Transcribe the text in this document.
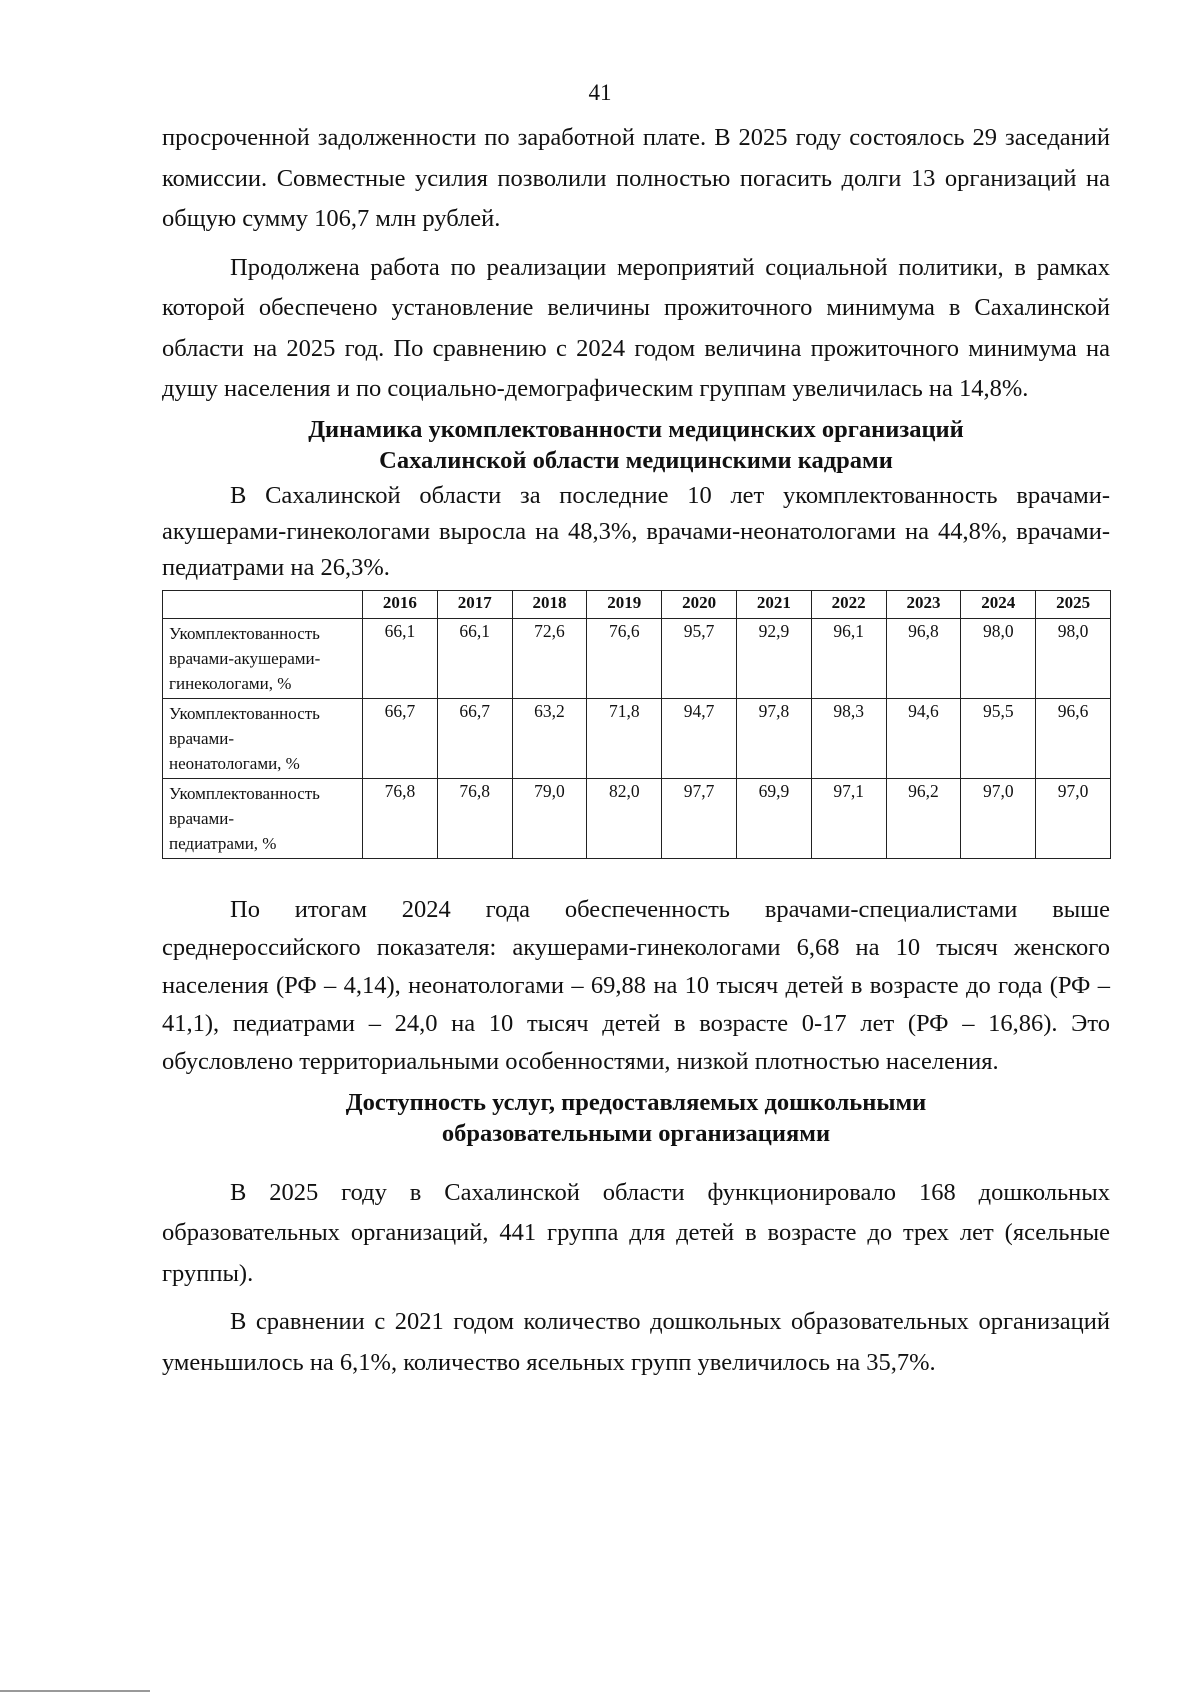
41

просроченной задолженности по заработной плате. В 2025 году состоялось 29 заседаний комиссии. Совместные усилия позволили полностью погасить долги 13 организаций на общую сумму 106,7 млн рублей.

Продолжена работа по реализации мероприятий социальной политики, в рамках которой обеспечено установление величины прожиточного минимума в Сахалинской области на 2025 год. По сравнению с 2024 годом величина прожиточного минимума на душу населения и по социально-демографическим группам увеличилась на 14,8%.

Динамика укомплектованности медицинских организаций
Сахалинской области медицинскими кадрами

В Сахалинской области за последние 10 лет укомплектованность врачами-акушерами-гинекологами выросла на 48,3%, врачами-неонатологами на 44,8%, врачами-педиатрами на 26,3%.

	2016	2017	2018	2019	2020	2021	2022	2023	2024	2025
Укомплектованность
врачами-акушерами-
гинекологами, %	66,1	66,1	72,6	76,6	95,7	92,9	96,1	96,8	98,0	98,0
Укомплектованность
врачами-
неонатологами, %	66,7	66,7	63,2	71,8	94,7	97,8	98,3	94,6	95,5	96,6
Укомплектованность
врачами-
педиатрами, %	76,8	76,8	79,0	82,0	97,7	69,9	97,1	96,2	97,0	97,0

По итогам 2024 года обеспеченность врачами-специалистами выше среднероссийского показателя: акушерами-гинекологами 6,68 на 10 тысяч женского населения (РФ – 4,14), неонатологами – 69,88 на 10 тысяч детей в возрасте до года (РФ – 41,1), педиатрами – 24,0 на 10 тысяч детей в возрасте 0-17 лет (РФ – 16,86). Это обусловлено территориальными особенностями, низкой плотностью населения.

Доступность услуг, предоставляемых дошкольными
образовательными организациями

В 2025 году в Сахалинской области функционировало 168 дошкольных образовательных организаций, 441 группа для детей в возрасте до трех лет (ясельные группы).

В сравнении с 2021 годом количество дошкольных образовательных организаций уменьшилось на 6,1%, количество ясельных групп увеличилось на 35,7%.
